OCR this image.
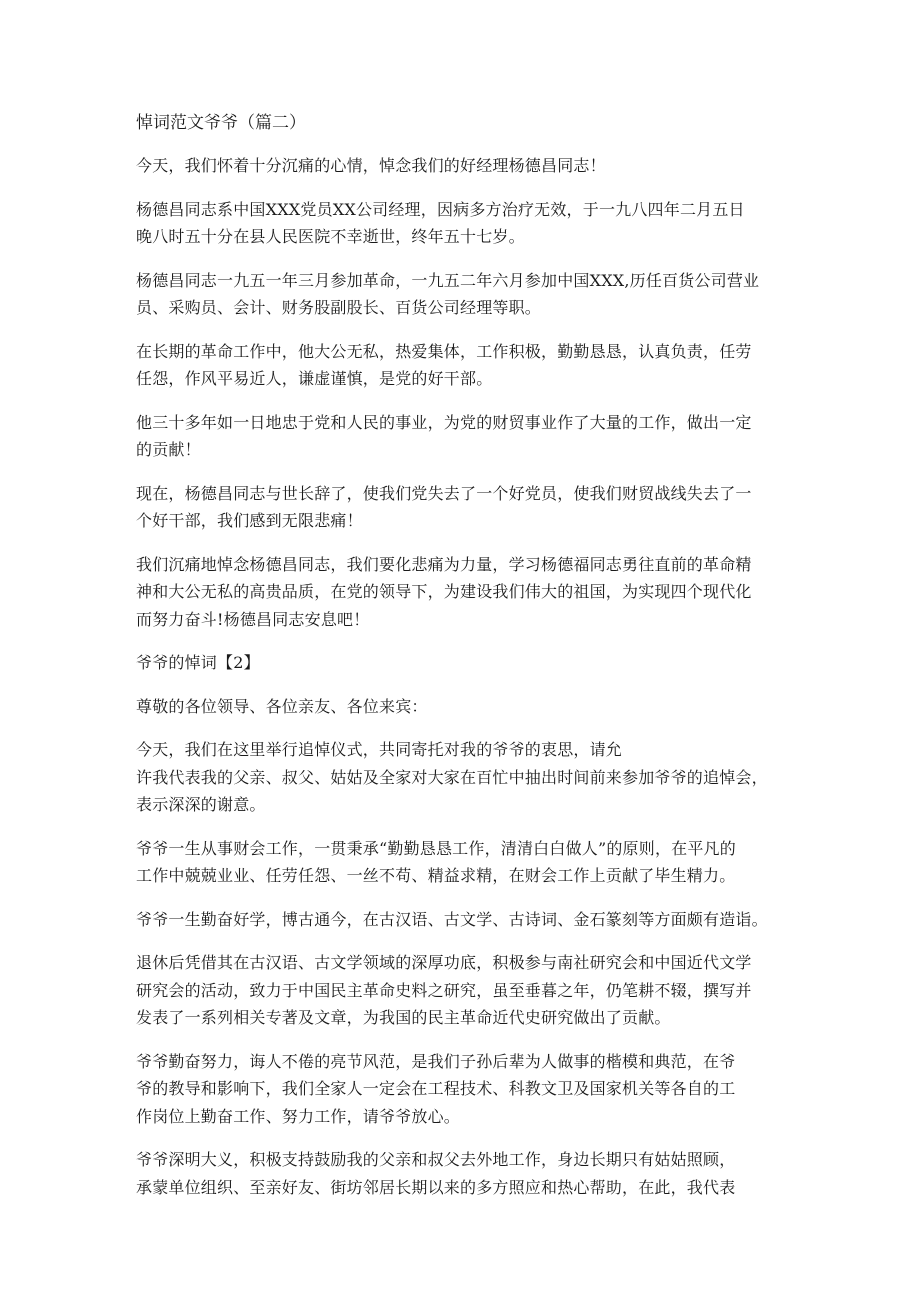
悼词范文爷爷（篇二）

今天，我们怀着十分沉痛的心情，悼念我们的好经理杨德昌同志！

杨德昌同志系中国XXX党员XX公司经理，因病多方治疗无效，于一九八四年二月五日
晚八时五十分在县人民医院不幸逝世，终年五十七岁。

杨德昌同志一九五一年三月参加革命，一九五二年六月参加中国XXX,历任百货公司营业
员、采购员、会计、财务股副股长、百货公司经理等职。

在长期的革命工作中，他大公无私，热爱集体，工作积极，勤勤恳恳，认真负责，任劳
任怨，作风平易近人，谦虚谨慎，是党的好干部。

他三十多年如一日地忠于党和人民的事业，为党的财贸事业作了大量的工作，做出一定
的贡献！

现在，杨德昌同志与世长辞了，使我们党失去了一个好党员，使我们财贸战线失去了一
个好干部，我们感到无限悲痛！

我们沉痛地悼念杨德昌同志，我们要化悲痛为力量，学习杨德福同志勇往直前的革命精
神和大公无私的高贵品质，在党的领导下，为建设我们伟大的祖国，为实现四个现代化
而努力奋斗!杨德昌同志安息吧！

爷爷的悼词【2】

尊敬的各位领导、各位亲友、各位来宾：

今天，我们在这里举行追悼仪式，共同寄托对我的爷爷的衷思，请允
许我代表我的父亲、叔父、姑姑及全家对大家在百忙中抽出时间前来参加爷爷的追悼会，
表示深深的谢意。

爷爷一生从事财会工作，一贯秉承“勤勤恳恳工作，清清白白做人”的原则，在平凡的
工作中兢兢业业、任劳任怨、一丝不苟、精益求精，在财会工作上贡献了毕生精力。

爷爷一生勤奋好学，博古通今，在古汉语、古文学、古诗词、金石篆刻等方面颇有造诣。

退休后凭借其在古汉语、古文学领域的深厚功底，积极参与南社研究会和中国近代文学
研究会的活动，致力于中国民主革命史料之研究，虽至垂暮之年，仍笔耕不辍，撰写并
发表了一系列相关专著及文章，为我国的民主革命近代史研究做出了贡献。

爷爷勤奋努力，诲人不倦的亮节风范，是我们子孙后辈为人做事的楷模和典范，在爷
爷的教导和影响下，我们全家人一定会在工程技术、科教文卫及国家机关等各自的工
作岗位上勤奋工作、努力工作，请爷爷放心。

爷爷深明大义，积极支持鼓励我的父亲和叔父去外地工作，身边长期只有姑姑照顾，
承蒙单位组织、至亲好友、街坊邻居长期以来的多方照应和热心帮助，在此，我代表
